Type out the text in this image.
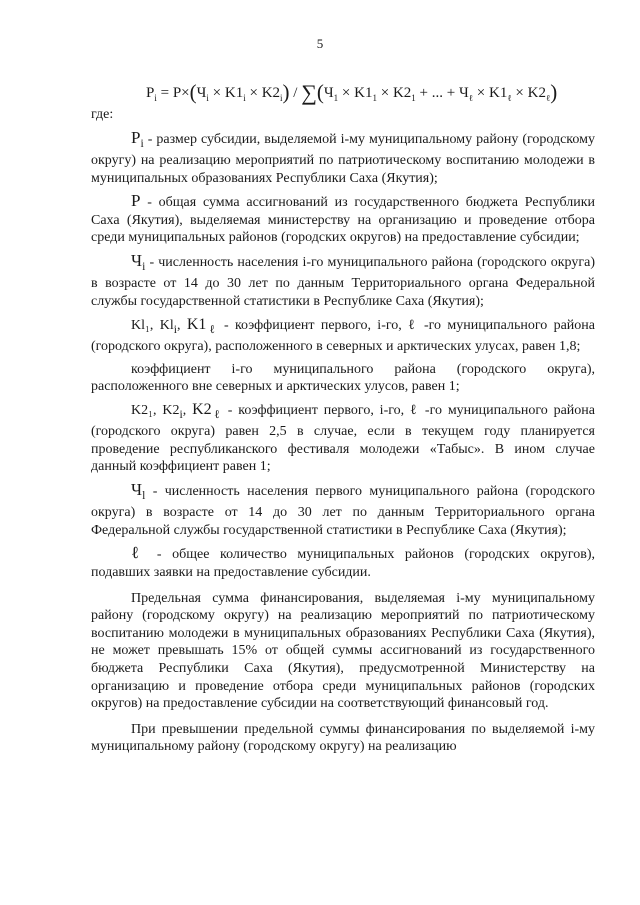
5
$P_i = P\times(Ч_i \times K1_i \times K2_i) / \sum(Ч_1 \times K1_1 \times K2_1$ + ... + $Ч_\ell \times K1_\ell \times K2_\ell$)

где:

$P_i$ - размер субсидии, выделяемой i-му муниципальному району (городскому округу) на реализацию мероприятий по патриотическому воспитанию молодежи в муниципальных образованиях Республики Саха (Якутия);

P - общая сумма ассигнований из государственного бюджета Республики Саха (Якутия), выделяемая министерству на организацию и проведение отбора среди муниципальных районов (городских округов) на предоставление субсидии;

$Ч_i$ - численность населения i-го муниципального района (городского округа) в возрасте от 14 до 30 лет по данным Территориального органа Федеральной службы государственной статистики в Республике Саха (Якутия);

Kl₁, $Kl_i$, $K1_\ell$ - коэффициент первого, i-го, ℓ -го муниципального района (городского округа), расположенного в северных и арктических улусах, равен 1,8;

коэффициент i-го муниципального района (городского округа), расположенного вне северных и арктических улусов, равен 1;

K2₁, $K2_i$, $K2_\ell$ - коэффициент первого, i-го, ℓ -го муниципального района (городского округа) равен 2,5 в случае, если в текущем году планируется проведение республиканского фестиваля молодежи «Табыс». В ином случае данный коэффициент равен 1;

$Ч_l$ - численность населения первого муниципального района (городского округа) в возрасте от 14 до 30 лет по данным Территориального органа Федеральной службы государственной статистики в Республике Саха (Якутия);

ℓ - общее количество муниципальных районов (городских округов), подавших заявки на предоставление субсидии.

Предельная сумма финансирования, выделяемая i-му муниципальному району (городскому округу) на реализацию мероприятий по патриотическому воспитанию молодежи в муниципальных образованиях Республики Саха (Якутия), не может превышать 15% от общей суммы ассигнований из государственного бюджета Республики Саха (Якутия), предусмотренной Министерству на организацию и проведение отбора среди муниципальных районов (городских округов) на предоставление субсидии на соответствующий финансовый год.

При превышении предельной суммы финансирования по выделяемой i-му муниципальному району (городскому округу) на реализацию
